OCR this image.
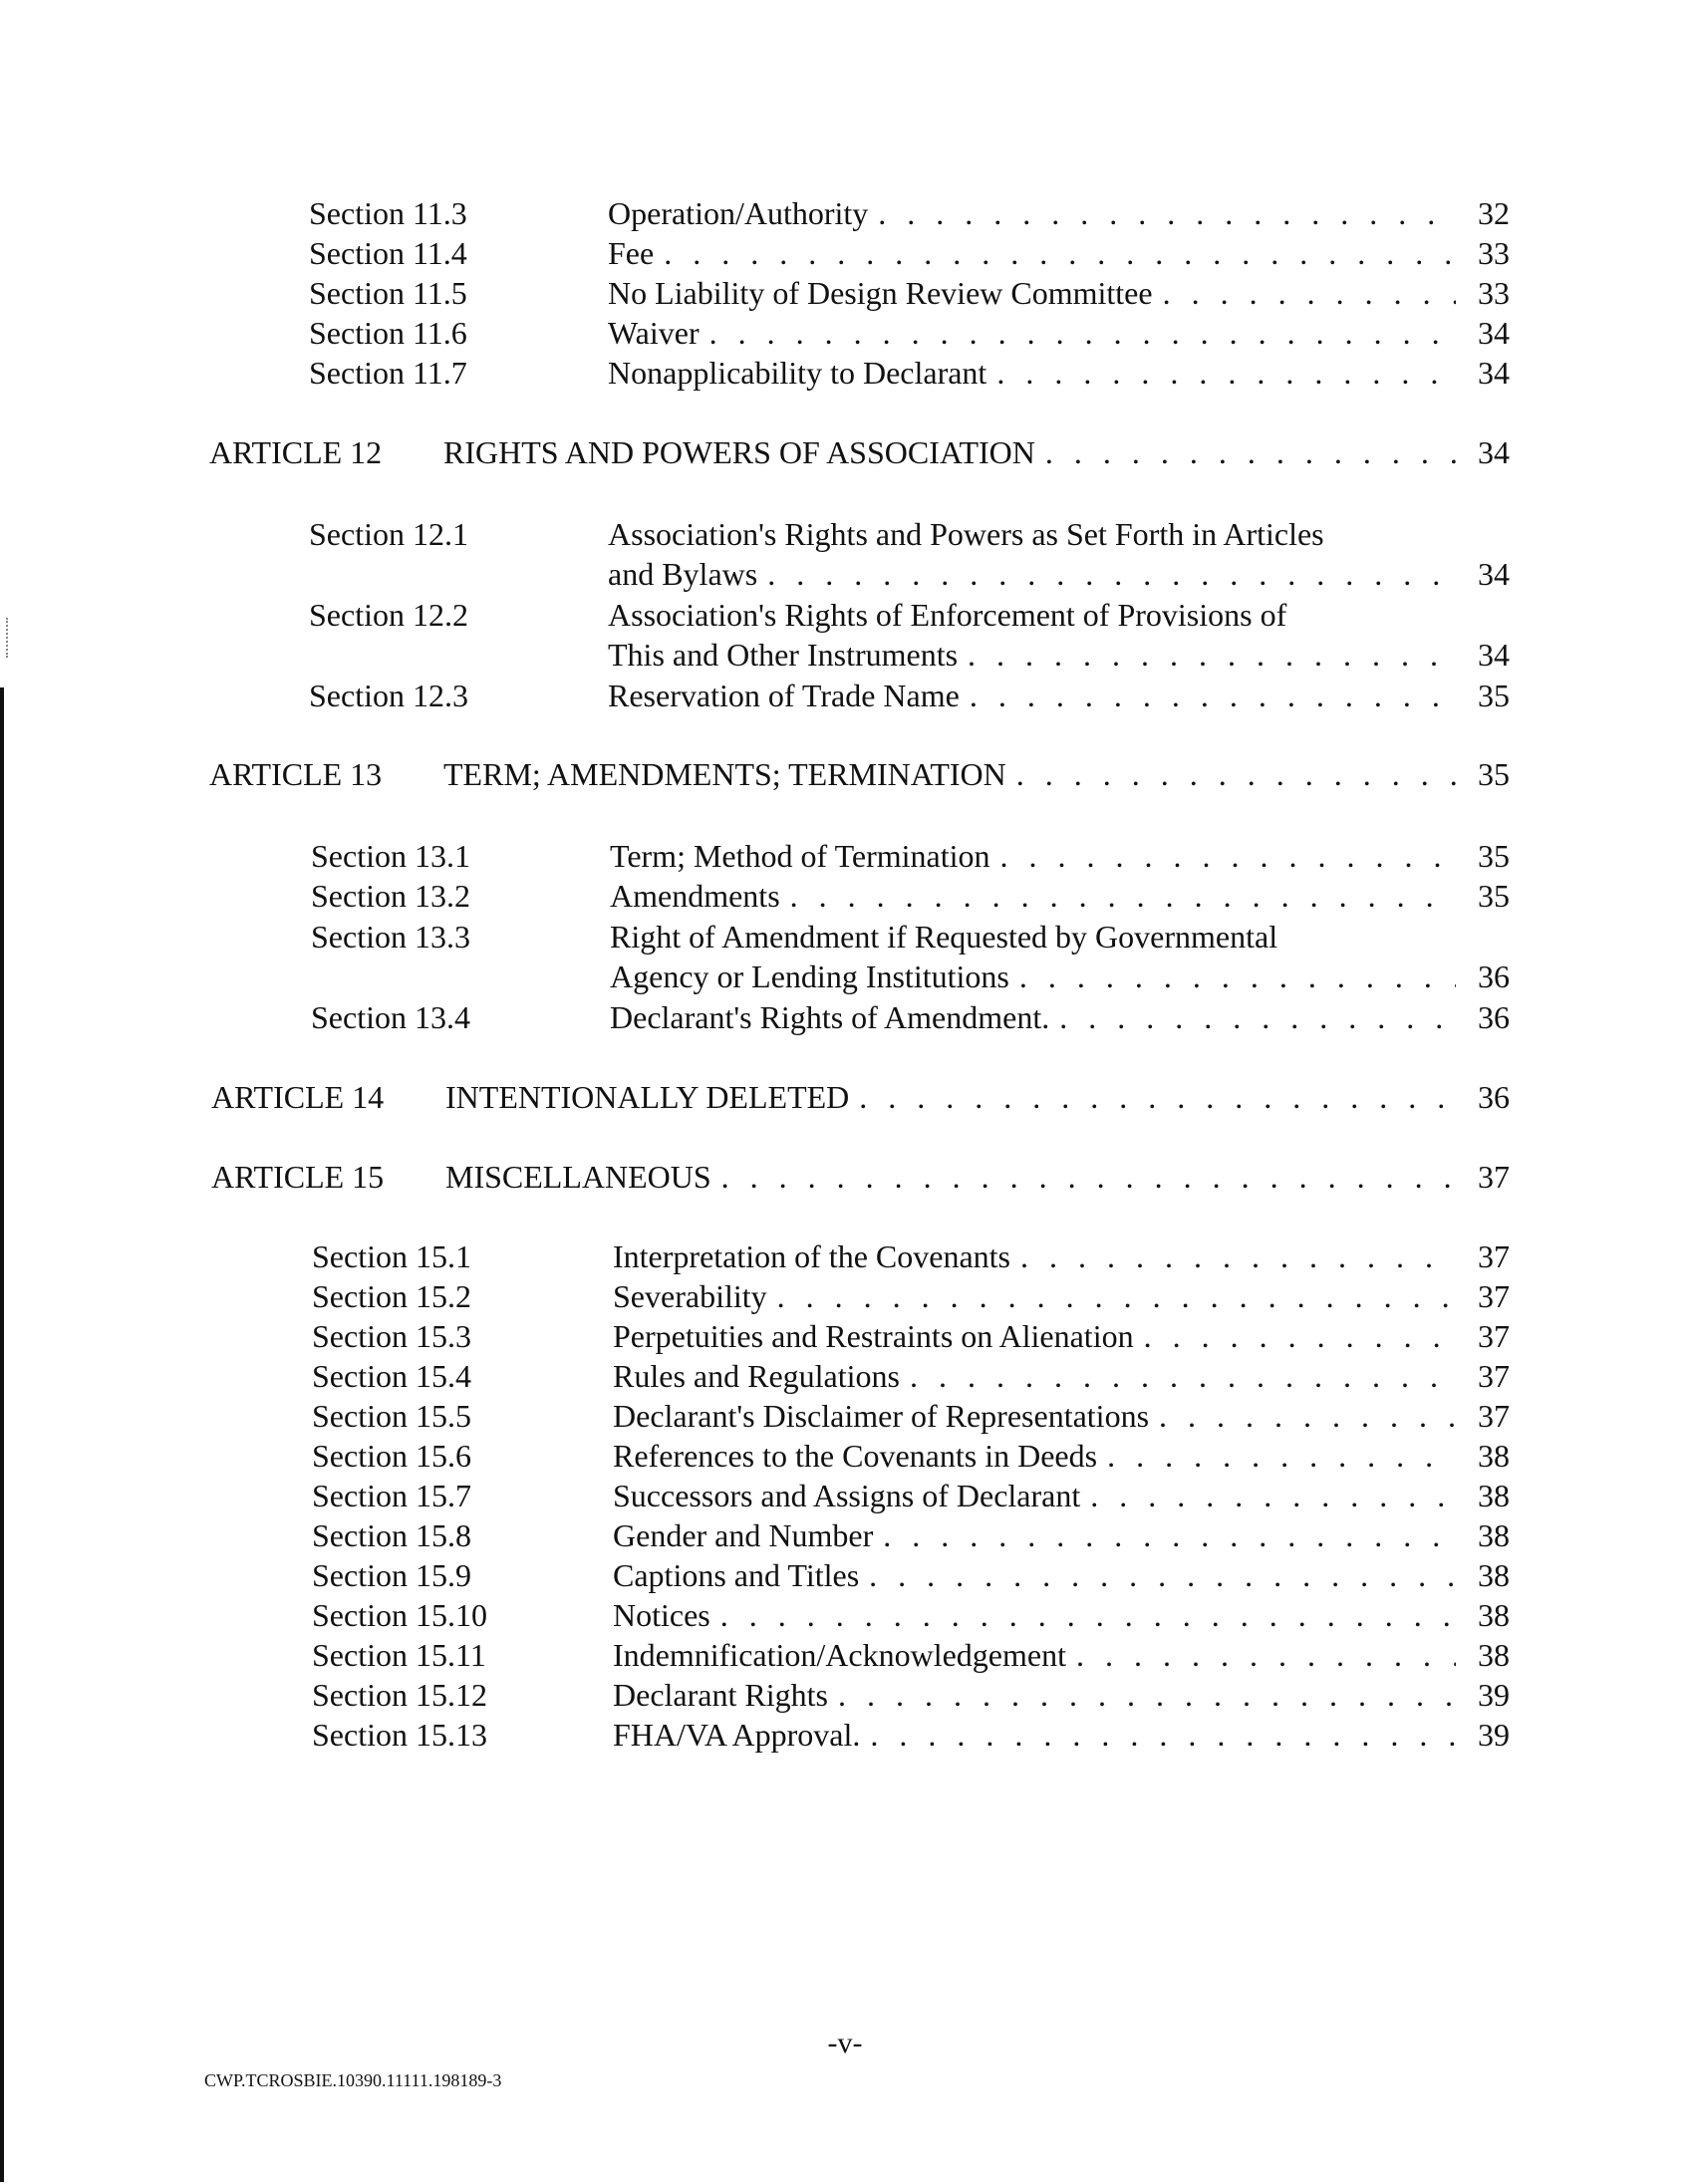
Section 11.3	Operation/Authority . . .	32
Section 11.4	Fee . . .	33
Section 11.5	No Liability of Design Review Committee . . .	33
Section 11.6	Waiver . . .	34
Section 11.7	Nonapplicability to Declarant . . .	34
ARTICLE 12 RIGHTS AND POWERS OF ASSOCIATION . . .	34
Section 12.1	Association's Rights and Powers as Set Forth in Articles
and Bylaws . . .	34
Section 12.2	Association's Rights of Enforcement of Provisions of
This and Other Instruments . . .	34
Section 12.3	Reservation of Trade Name . . .	35
ARTICLE 13 TERM; AMENDMENTS; TERMINATION . . .	35
Section 13.1	Term; Method of Termination . . .	35
Section 13.2	Amendments . . .	35
Section 13.3	Right of Amendment if Requested by Governmental
Agency or Lending Institutions . . .	36
Section 13.4	Declarant's Rights of Amendment. . . .	36
ARTICLE 14 INTENTIONALLY DELETED . . .	36
ARTICLE 15 MISCELLANEOUS . . .	37
Section 15.1	Interpretation of the Covenants . . .	37
Section 15.2	Severability . . .	37
Section 15.3	Perpetuities and Restraints on Alienation . . .	37
Section 15.4	Rules and Regulations . . .	37
Section 15.5	Declarant's Disclaimer of Representations . . .	37
Section 15.6	References to the Covenants in Deeds . . .	38
Section 15.7	Successors and Assigns of Declarant . . .	38
Section 15.8	Gender and Number . . .	38
Section 15.9	Captions and Titles . . .	38
Section 15.10	Notices . . .	38
Section 15.11	Indemnification/Acknowledgement . . .	38
Section 15.12	Declarant Rights . . .	39
Section 15.13	FHA/VA Approval. . . .	39
-v-
CWP.TCROSBIE.10390.11111.198189-3
